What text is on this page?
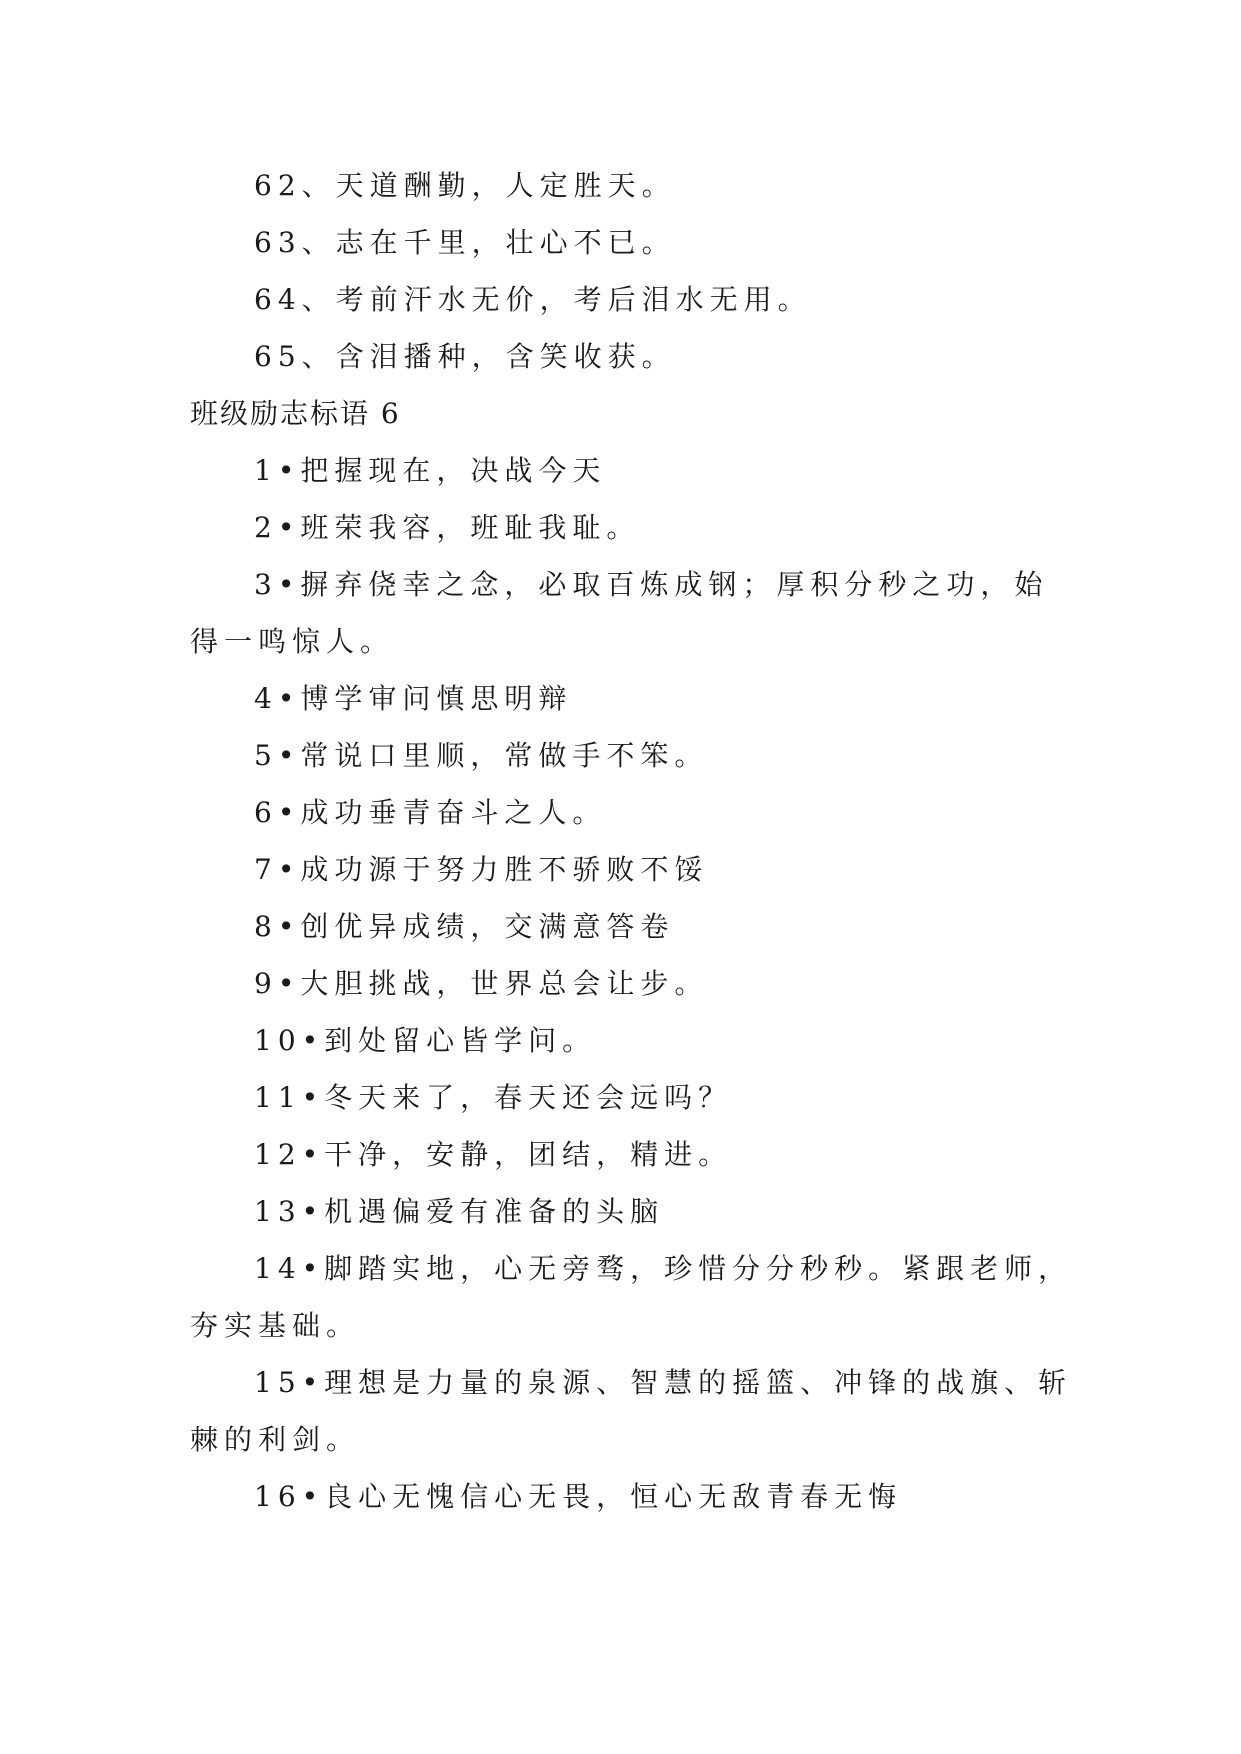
62、天道酬勤，人定胜天。
63、志在千里，壮心不已。
64、考前汗水无价，考后泪水无用。
65、含泪播种，含笑收获。
班级励志标语 6
1•把握现在，决战今天
2•班荣我容，班耻我耻。
3•摒弃侥幸之念，必取百炼成钢；厚积分秒之功，始
得一鸣惊人。
4•博学审问慎思明辩
5•常说口里顺，常做手不笨。
6•成功垂青奋斗之人。
7•成功源于努力胜不骄败不馁
8•创优异成绩，交满意答卷
9•大胆挑战，世界总会让步。
10•到处留心皆学问。
11•冬天来了，春天还会远吗？
12•干净，安静，团结，精进。
13•机遇偏爱有准备的头脑
14•脚踏实地，心无旁骛，珍惜分分秒秒。紧跟老师，
夯实基础。
15•理想是力量的泉源、智慧的摇篮、冲锋的战旗、斩
棘的利剑。
16•良心无愧信心无畏，恒心无敌青春无悔
